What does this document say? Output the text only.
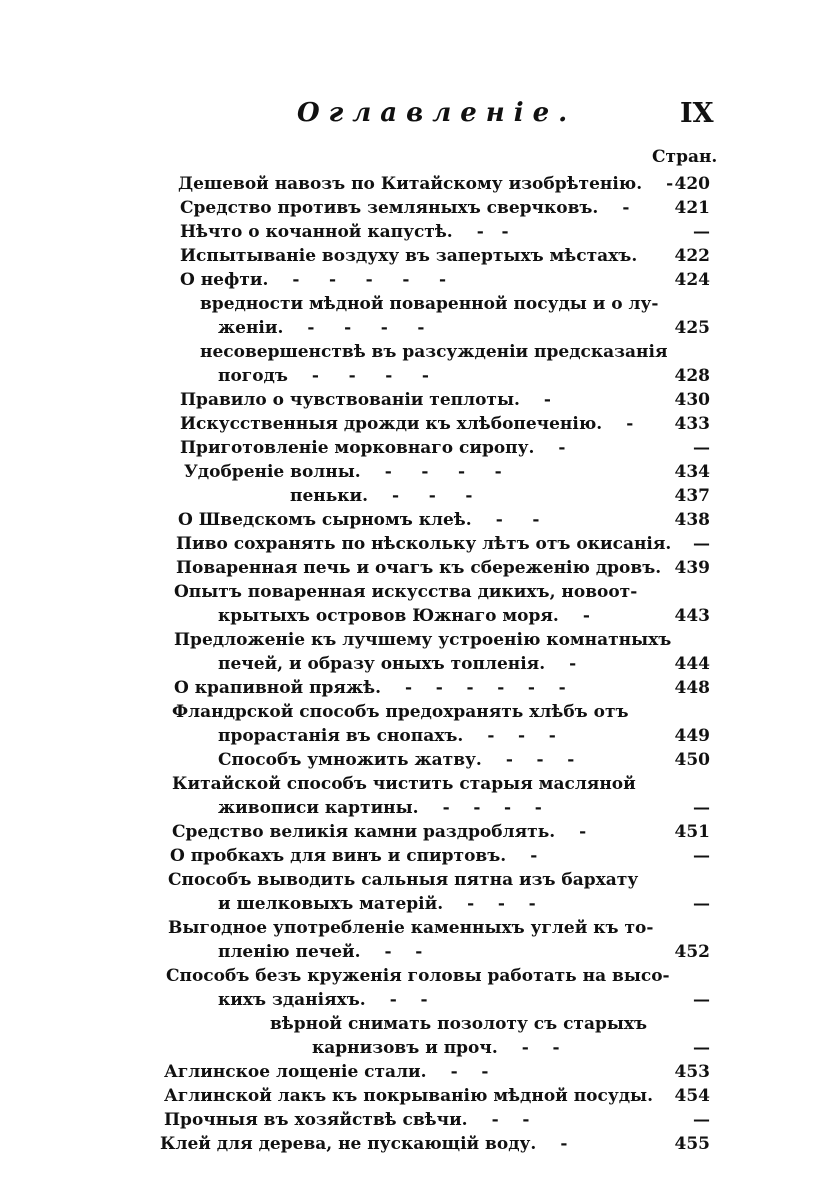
Оглавленіе.	IX
Стран.
Дешевой навозъ по Китайскому изобрѣтенію. - 420
Средство противъ земляныхъ сверчковъ. -	421
Нѣчто о кочанной капустѣ. -   -	—
Испытываніе воздуху въ запертыхъ мѣстахъ.	422
О нефти. -     -     -     -     -	424
вредности мѣдной поваренной посуды и о лу-
женіи. -     -     -     -	425
несовершенствѣ въ разсужденіи предсказанія
погодъ -     -     -     -	428
Правило о чувствованіи теплоты. -	430
Искусственныя дрожди къ хлѣбопеченію. -	433
Приготовленіе морковнаго сиропу. -	—
Удобреніе волны. -     -     -     -	434
пеньки. -     -     -	437
О Шведскомъ сырномъ клеѣ. -     -	438
Пиво сохранять по нѣскольку лѣтъ отъ окисанія.	—
Поваренная печь и очагъ къ сбереженію дровъ. 439
Опытъ поваренная искусства дикихъ, новоот-
крытыхъ островов Южнаго моря. -	443
Предложеніе къ лучшему устроенію комнатныхъ
печей, и образу оныхъ топленія. -	444
О крапивной пряжѣ. -    -    -    -    -    -	448
Фландрской способъ предохранять хлѣбъ отъ
прорастанія въ снопахъ. -    -    -	449
Способъ умножить жатву. -    -    -	450
Китайской способъ чистить старыя масляной
живописи картины. -    -    -    -	—
Средство великія камни раздроблять. -	451
О пробкахъ для винъ и спиртовъ. -	—
Способъ выводить сальныя пятна изъ бархату
и шелковыхъ матерій. -    -    -	—
Выгодное употребленіе каменныхъ углей къ то-
пленію печей. -    -	452
Способъ безъ круженія головы работать на высо-
кихъ зданіяхъ. -    -	—
вѣрной снимать позолоту съ старыхъ
карнизовъ и проч. -    -	—
Аглинское лощеніе стали. -    -	453
Аглинской лакъ къ покрыванію мѣдной посуды.	454
Прочныя въ хозяйствѣ свѣчи. -    -	—
Клей для дерева, не пускающій воду. -	455
